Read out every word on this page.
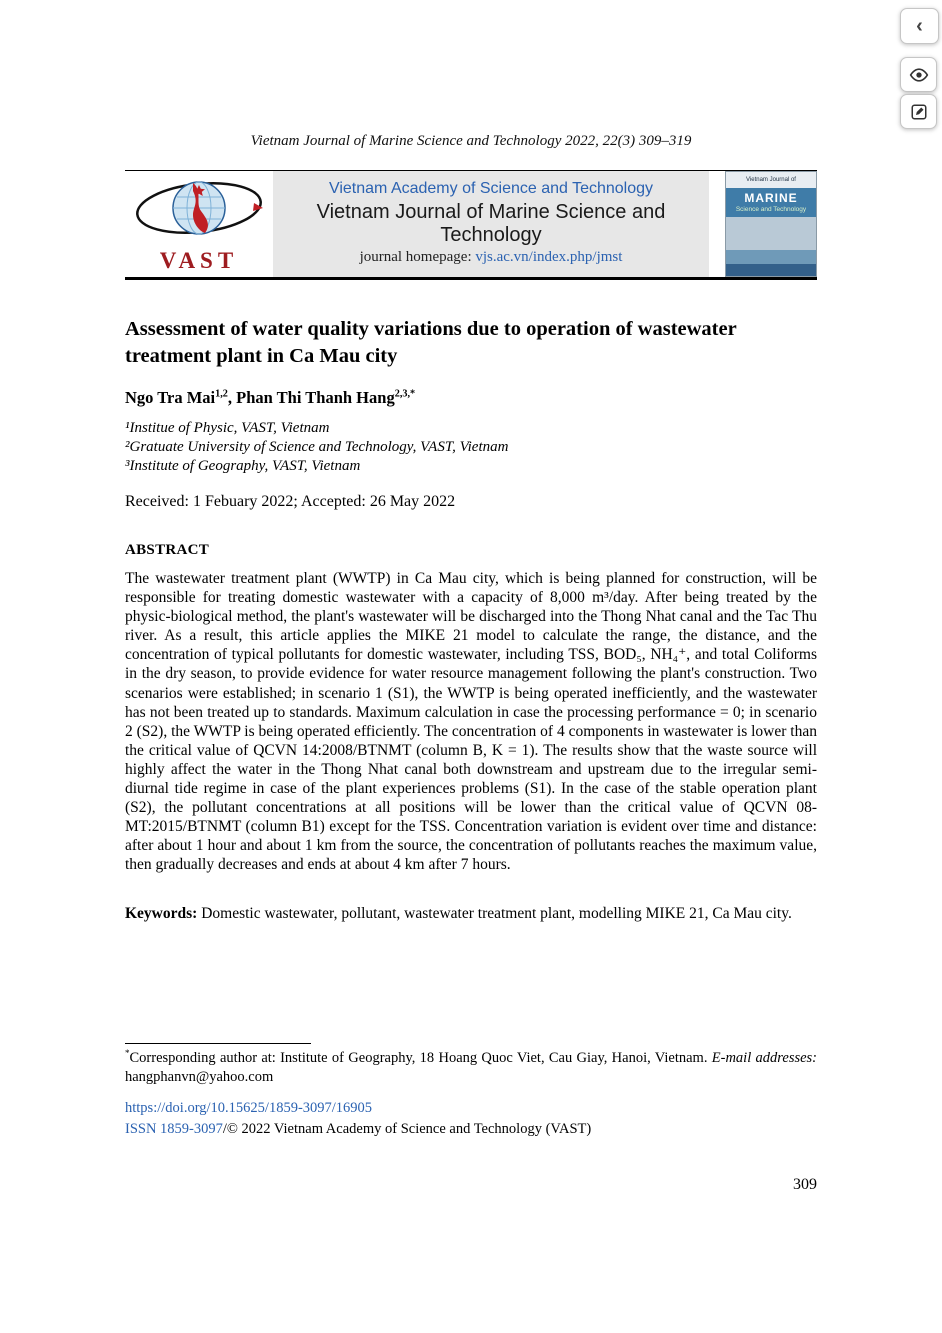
‹
Vietnam Journal of Marine Science and Technology 2022, 22(3) 309–319
VAST
Vietnam Academy of Science and Technology
Vietnam Journal of Marine Science and Technology
journal homepage: vjs.ac.vn/index.php/jmst
Vietnam Journal of
MARINE
Science and Technology
Assessment of water quality variations due to operation of wastewater treatment plant in Ca Mau city
Ngo Tra Mai$^{1,2}$, Phan Thi Thanh Hang$^{2,3,*}$
¹Institue of Physic, VAST, Vietnam
²Gratuate University of Science and Technology, VAST, Vietnam
³Institute of Geography, VAST, Vietnam
Received: 1 Febuary 2022; Accepted: 26 May 2022
ABSTRACT
The wastewater treatment plant (WWTP) in Ca Mau city, which is being planned for construction, will be responsible for treating domestic wastewater with a capacity of 8,000 m³/day. After being treated by the physic-biological method, the plant's wastewater will be discharged into the Thong Nhat canal and the Tac Thu river. As a result, this article applies the MIKE 21 model to calculate the range, the distance, and the concentration of typical pollutants for domestic wastewater, including TSS, BOD₅, NH₄⁺, and total Coliforms in the dry season, to provide evidence for water resource management following the plant's construction. Two scenarios were established; in scenario 1 (S1), the WWTP is being operated inefficiently, and the wastewater has not been treated up to standards. Maximum calculation in case the processing performance = 0; in scenario 2 (S2), the WWTP is being operated efficiently. The concentration of 4 components in wastewater is lower than the critical value of QCVN 14:2008/BTNMT (column B, K = 1). The results show that the waste source will highly affect the water in the Thong Nhat canal both downstream and upstream due to the irregular semi-diurnal tide regime in case of the plant experiences problems (S1). In the case of the stable operation plant (S2), the pollutant concentrations at all positions will be lower than the critical value of QCVN 08-MT:2015/BTNMT (column B1) except for the TSS. Concentration variation is evident over time and distance: after about 1 hour and about 1 km from the source, the concentration of pollutants reaches the maximum value, then gradually decreases and ends at about 4 km after 7 hours.
Keywords: Domestic wastewater, pollutant, wastewater treatment plant, modelling MIKE 21, Ca Mau city.
*Corresponding author at: Institute of Geography, 18 Hoang Quoc Viet, Cau Giay, Hanoi, Vietnam. E-mail addresses: hangphanvn@yahoo.com
https://doi.org/10.15625/1859-3097/16905
ISSN 1859-3097/© 2022 Vietnam Academy of Science and Technology (VAST)
309
